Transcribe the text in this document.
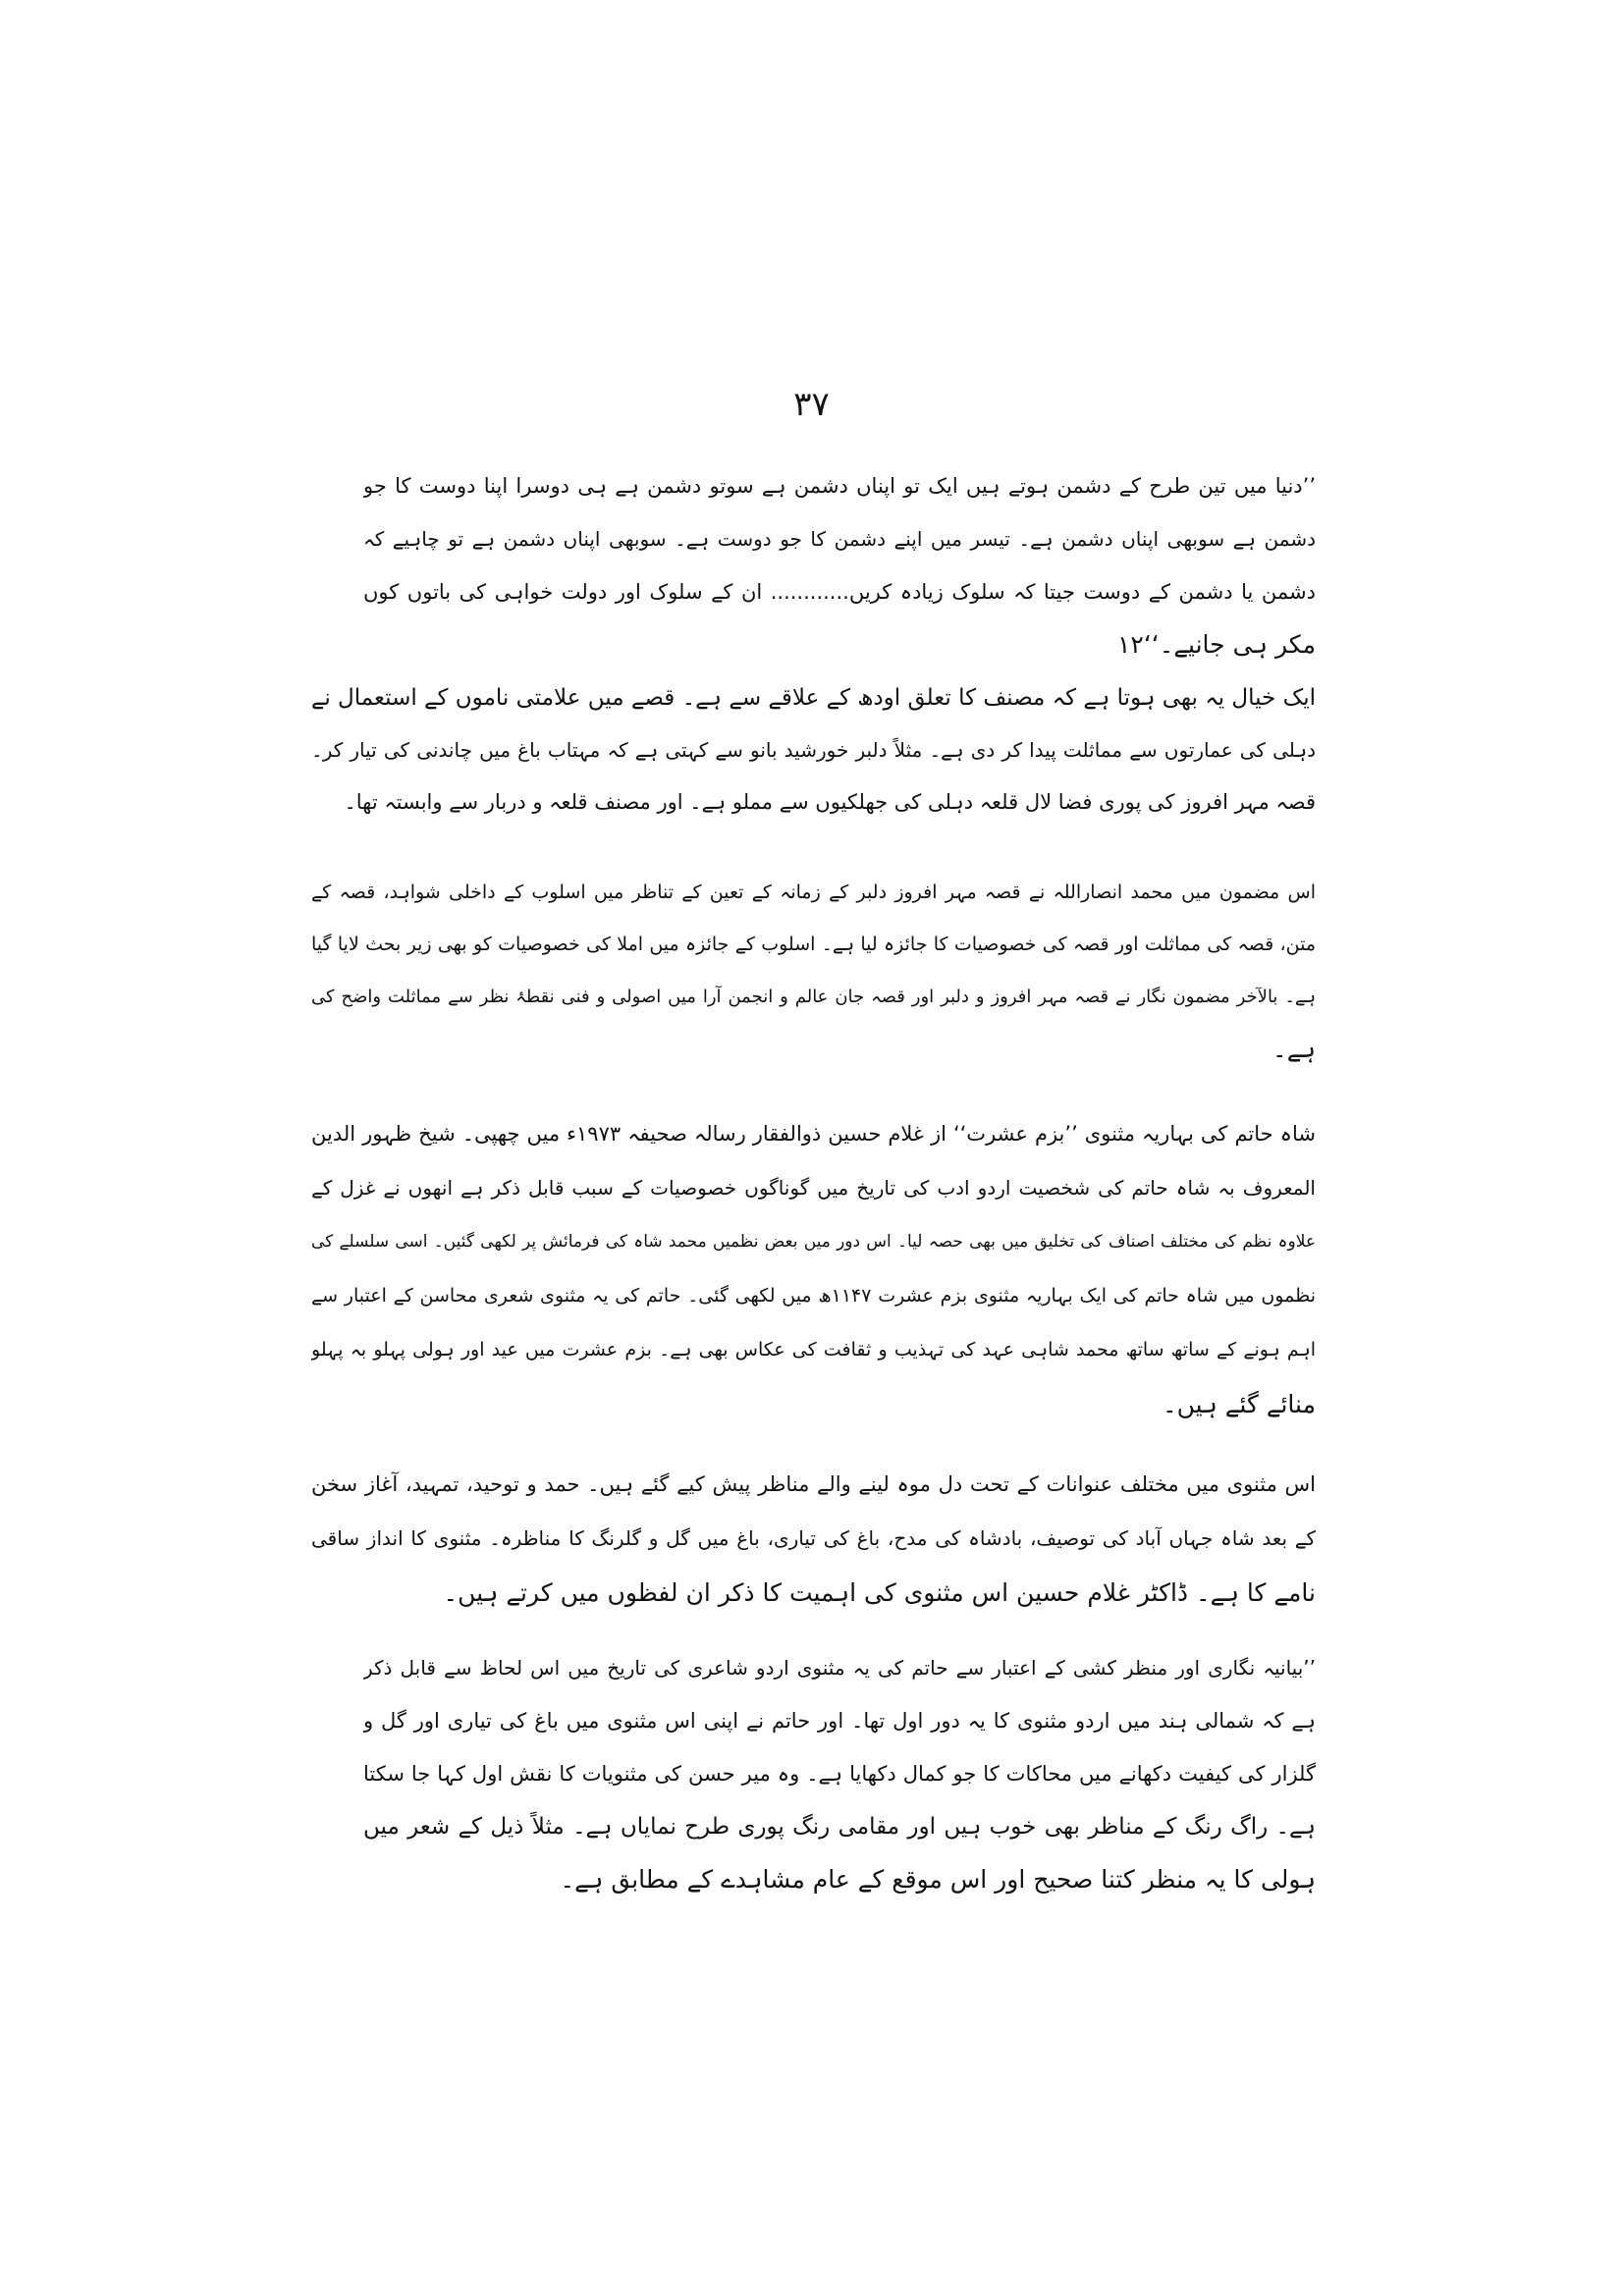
۳۷
’’دنیا میں تین طرح کے دشمن ہوتے ہیں ایک تو اپناں دشمن ہے سوتو دشمن ہے ہی دوسرا اپنا دوست کا جو
دشمن ہے سوبھی اپناں دشمن ہے۔ تیسر میں اپنے دشمن کا جو دوست ہے۔ سوبھی اپناں دشمن ہے تو چاہیے کہ
دشمن یا دشمن کے دوست جیتا کہ سلوک زیادہ کریں............ ان کے سلوک اور دولت خواہی کی باتوں کوں
مکر ہی جانیے۔‘‘۱۲
ایک خیال یہ بھی ہوتا ہے کہ مصنف کا تعلق اودھ کے علاقے سے ہے۔ قصے میں علامتی ناموں کے استعمال نے
دہلی کی عمارتوں سے مماثلت پیدا کر دی ہے۔ مثلاً دلبر خورشید بانو سے کہتی ہے کہ مہتاب باغ میں چاندنی کی تیار کر۔
قصہ مہر افروز کی پوری فضا لال قلعہ دہلی کی جھلکیوں سے مملو ہے۔ اور مصنف قلعہ و دربار سے وابستہ تھا۔
اس مضمون میں محمد انصاراللہ نے قصہ مہر افروز دلبر کے زمانہ کے تعین کے تناظر میں اسلوب کے داخلی شواہد، قصہ کے
متن، قصہ کی مماثلت اور قصہ کی خصوصیات کا جائزہ لیا ہے۔ اسلوب کے جائزہ میں املا کی خصوصیات کو بھی زیر بحث لایا گیا
ہے۔ بالآخر مضمون نگار نے قصہ مہر افروز و دلبر اور قصہ جان عالم و انجمن آرا میں اصولی و فنی نقطۂ نظر سے مماثلت واضح کی
ہے۔
شاہ حاتم کی بہاریہ مثنوی ’’بزم عشرت‘‘ از غلام حسین ذوالفقار رسالہ صحیفہ ۱۹۷۳ء میں چھپی۔ شیخ ظہور الدین
المعروف بہ شاہ حاتم کی شخصیت اردو ادب کی تاریخ میں گوناگوں خصوصیات کے سبب قابل ذکر ہے انھوں نے غزل کے
علاوہ نظم کی مختلف اصناف کی تخلیق میں بھی حصہ لیا۔ اس دور میں بعض نظمیں محمد شاہ کی فرمائش پر لکھی گئیں۔ اسی سلسلے کی
نظموں میں شاہ حاتم کی ایک بہاریہ مثنوی بزم عشرت ۱۱۴۷ھ میں لکھی گئی۔ حاتم کی یہ مثنوی شعری محاسن کے اعتبار سے
اہم ہونے کے ساتھ ساتھ محمد شاہی عہد کی تہذیب و ثقافت کی عکاس بھی ہے۔ بزم عشرت میں عید اور ہولی پہلو بہ پہلو
منائے گئے ہیں۔
اس مثنوی میں مختلف عنوانات کے تحت دل موہ لینے والے مناظر پیش کیے گئے ہیں۔ حمد و توحید، تمہید، آغاز سخن
کے بعد شاہ جہاں آباد کی توصیف، بادشاہ کی مدح، باغ کی تیاری، باغ میں گل و گلرنگ کا مناظرہ۔ مثنوی کا انداز ساقی
نامے کا ہے۔ ڈاکٹر غلام حسین اس مثنوی کی اہمیت کا ذکر ان لفظوں میں کرتے ہیں۔
’’بیانیہ نگاری اور منظر کشی کے اعتبار سے حاتم کی یہ مثنوی اردو شاعری کی تاریخ میں اس لحاظ سے قابل ذکر
ہے کہ شمالی ہند میں اردو مثنوی کا یہ دور اول تھا۔ اور حاتم نے اپنی اس مثنوی میں باغ کی تیاری اور گل و
گلزار کی کیفیت دکھانے میں محاکات کا جو کمال دکھایا ہے۔ وہ میر حسن کی مثنویات کا نقش اول کہا جا سکتا
ہے۔ راگ رنگ کے مناظر بھی خوب ہیں اور مقامی رنگ پوری طرح نمایاں ہے۔ مثلاً ذیل کے شعر میں
ہولی کا یہ منظر کتنا صحیح اور اس موقع کے عام مشاہدے کے مطابق ہے۔
